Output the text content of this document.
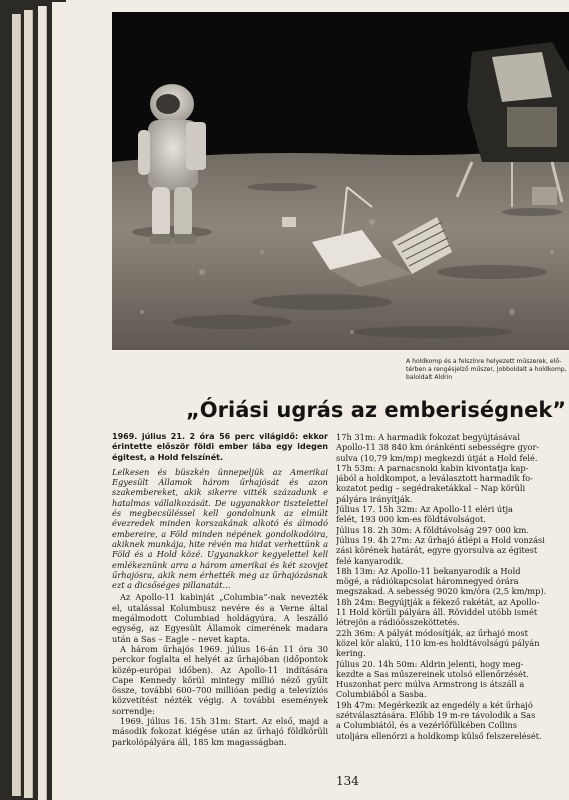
A holdkomp és a felszínre helyezett műszerek, elő-
térben a rengésjelző műszer, jobboldalt a holdkomp,
baloldalt Aldrin
„Óriási ugrás az emberiségnek”

1969. július 21. 2 óra 56 perc világidő: ekkor érintette először földi ember lába egy idegen égitest, a Hold felszínét.

Lelkesen és büszkén ünnepeljük az Amerikai Egyesült Államok három űrhajósát és azon szakembereket, akik sikerre vitték századunk e hatalmas vállalkozását. De ugyanakkor tisztelettel és megbecsüléssel kell gondolnunk az elmúlt évezredek minden korszakának alkotó és álmodó embereire, a Föld minden népének gondolkodóira, akiknek munkája, hite révén ma hidat verhettünk a Föld és a Hold közé. Ugyanakkor kegyelettel kell emlékeznünk arra a három amerikai és két szovjet űrhajósra, akik nem érhették meg az űrhajózásnak ezt a dicsőséges pillanatát...

Az Apollo-11 kabinját „Columbia”-nak nevezték el, utalással Kolumbusz nevére és a Verne által megálmodott Columbiad holdágyúra. A leszálló egység, az Egyesült Államok címerének madara után a Sas – Eagle – nevet kapta.

A három űrhajós 1969. július 16-án 11 óra 30 perckor foglalta el helyét az űrhajóban (időpontok közép-európai időben). Az Apollo-11 indítására Cape Kennedy körül mintegy millió néző gyűlt össze, további 600–700 millióan pedig a televíziós közvetítést nézték végig. A további események sorrendje:

1969. július 16. 15h 31m: Start. Az első, majd a második fokozat kiégése után az űrhajó földkörüli parkolópályára áll, 185 km magasságban.

17h 31m: A harmadik fokozat begyújtásával

Apollo-11 38 840 km óránkénti sebességre gyor-

sulva (10,79 km/mp) megkezdi útját a Hold felé.

17h 53m: A parnacsnoki kabin kivontatja kap-

jából a holdkompot, a leválasztott harmadik fo-

kozatot pedig – segédraketákkal – Nap körüli

pályára irányítják.

Július 17. 15h 32m: Az Apollo-11 eléri útja

felét, 193 000 km-es földtávolságot.

Július 18. 2h 30m: A földtávolság 297 000 km.

Július 19. 4h 27m: Az űrhajó átlépi a Hold vonzási

zási körének határát, egyre gyorsulva az égitest

felé kanyarodik.

18h 13m: Az Apollo-11 bekanyarodik a Hold

mögé, a rádiókapcsolat háromnegyed órára

megszakad. A sebesség 9020 km/óra (2,5 km/mp).

18h 24m: Begyújtják a fékező rakétát, az Apollo-

11 Hold körüli pályára áll. Röviddel utóbb ismét

létrejön a rádióösszeköttetés.

22h 36m: A pályát módosítják, az űrhajó most

közel kör alakú, 110 km-es holdtávolságú pályán

kering.

Július 20. 14h 50m: Aldrin jelenti, hogy meg-

kezdte a Sas műszereinek utolsó ellenőrzését.

Huszonhat perc múlva Armstrong is átszáll a

Columbiából a Sasba.

19h 47m: Megérkezik az engedély a két űrhajó

szétválasztására. Előbb 19 m-re távolodik a Sas

a Columbiától, és a vezérlőfülkében Collins

utoljára ellenőrzi a holdkomp külső felszerelését.

134
